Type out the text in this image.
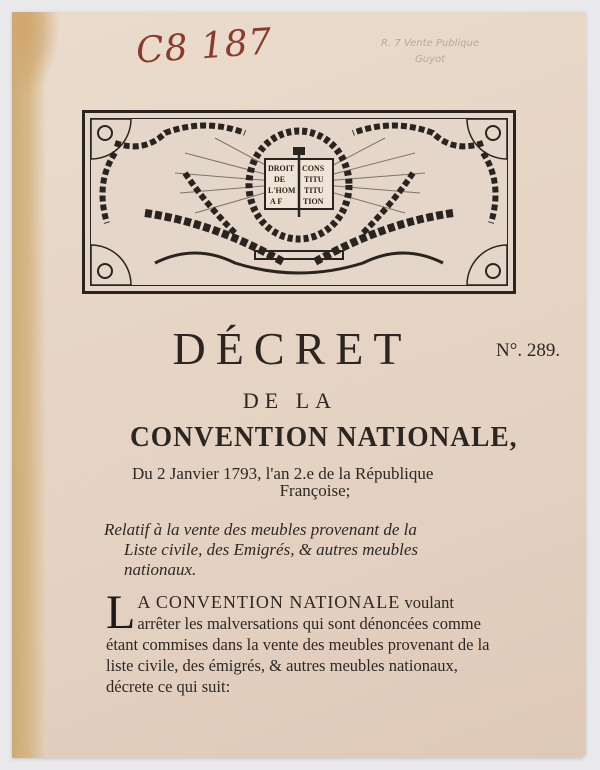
C8 187	R. 7 Vente Publique
Guyot
DROIT
DE
L'HOM
A F
CONS
TITU
TITU
TION
DÉCRET	N°. 289.
DE LA
CONVENTION NATIONALE,
Du 2 Janvier 1793, l'an 2.e de la République
Françoise;
Relatif à la vente des meubles provenant de la
Liste civile, des Emigrés, & autres meubles
nationaux.
L A CONVENTION NATIONALE voulant arrêter les malversations qui sont dénoncées comme étant commises dans la vente des meubles provenant de la liste civile, des émigrés, & autres meubles nationaux, décrete ce qui suit:
